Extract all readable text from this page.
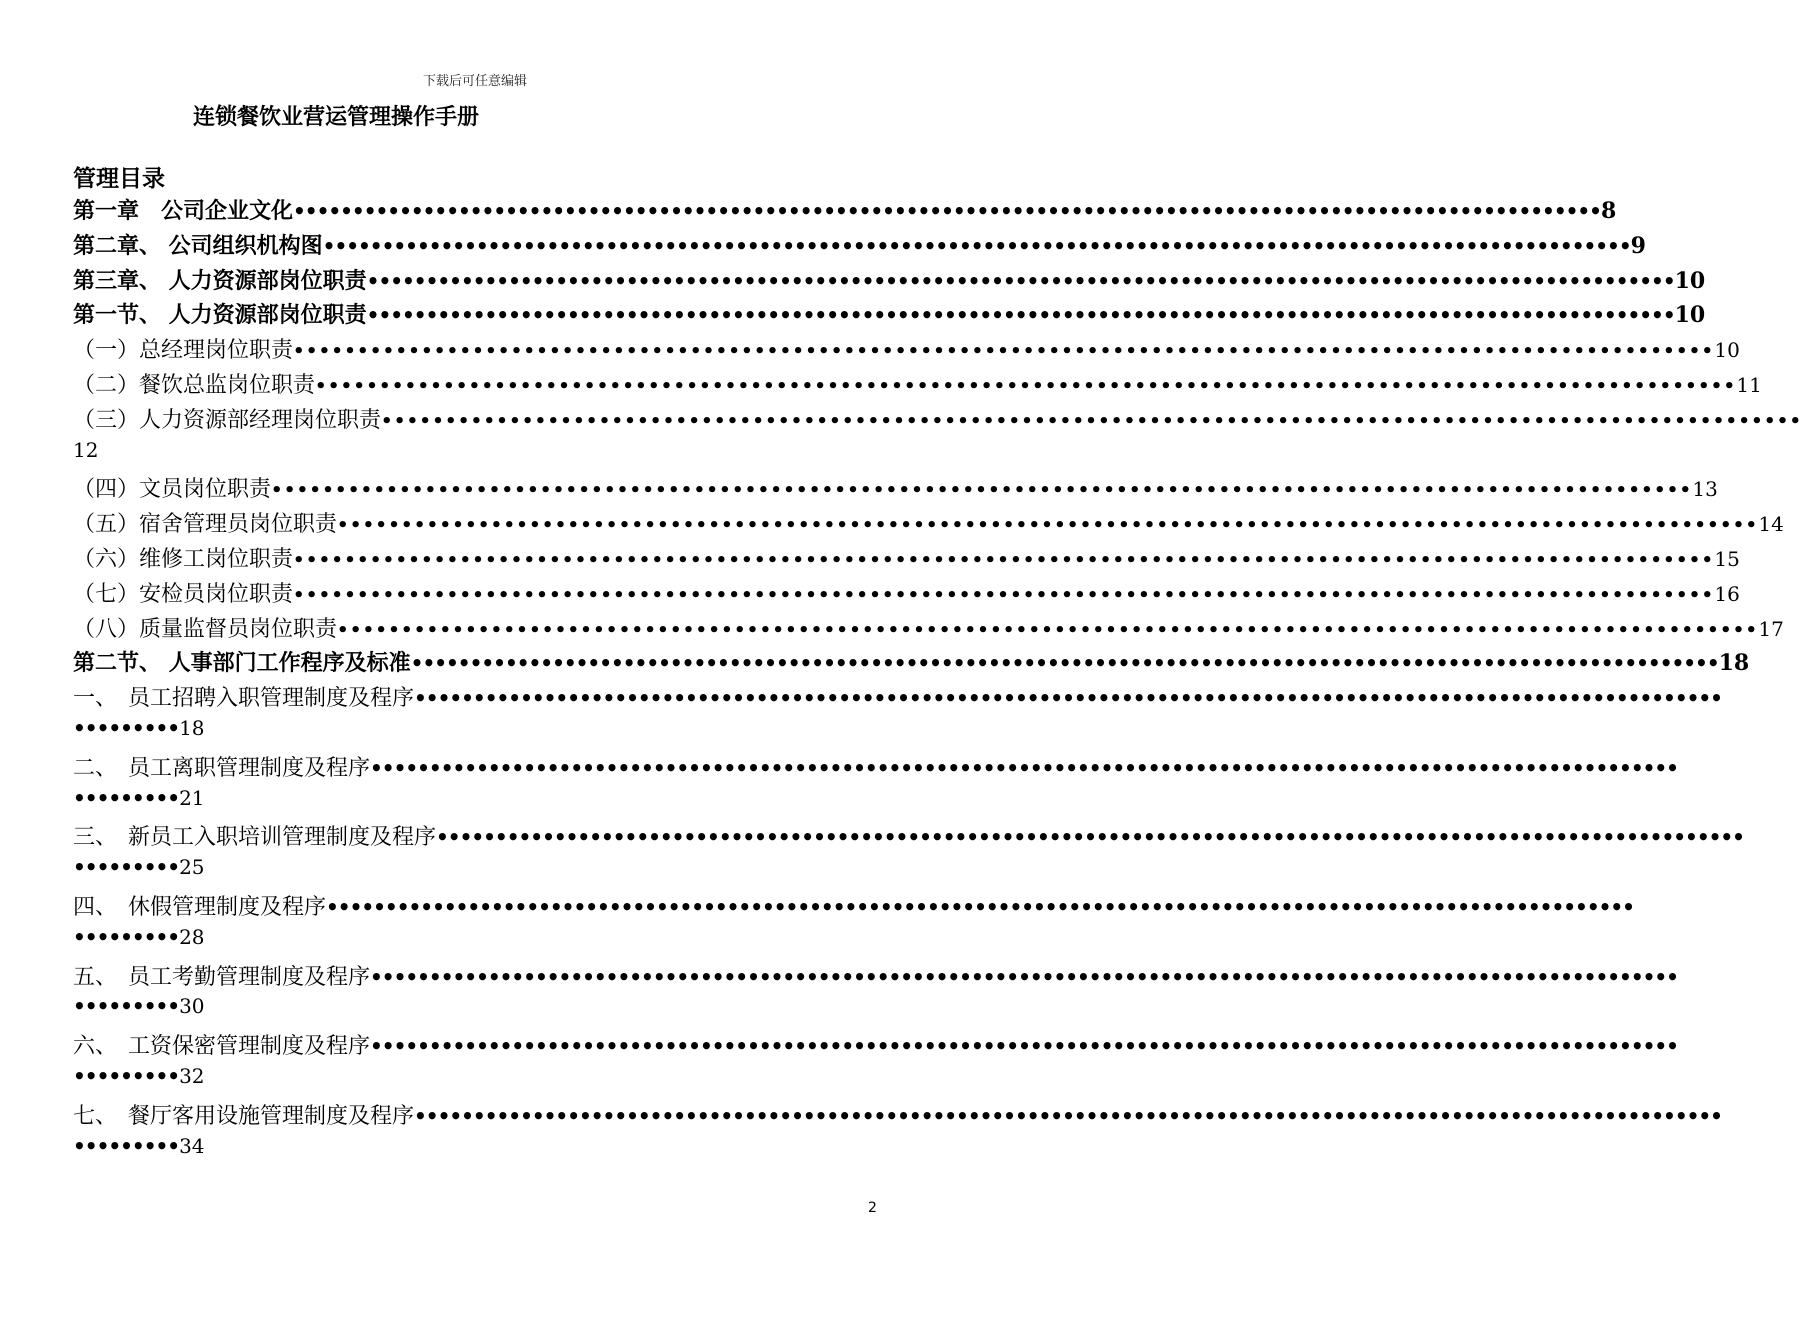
下载后可任意编辑
连锁餐饮业营运管理操作手册
管理目录
第一章　公司企业文化 ••••••••••••••••••••••••••••••••••••••••••••••••••••••••••••••••••••••••••••••••••••••••••••••••••••••••••••••• 8
第二章、 公司组织机构图 ••••••••••••••••••••••••••••••••••••••••••••••••••••••••••••••••••••••••••••••••••••••••••••••••••••••••••••••• 9
第三章、 人力资源部岗位职责 ••••••••••••••••••••••••••••••••••••••••••••••••••••••••••••••••••••••••••••••••••••••••••••••••••••••••••••••• 10
第一节、 人力资源部岗位职责 ••••••••••••••••••••••••••••••••••••••••••••••••••••••••••••••••••••••••••••••••••••••••••••••••••••••••••••••• 10
（一）总经理岗位职责 ••••••••••••••••••••••••••••••••••••••••••••••••••••••••••••••••••••••••••••••••••••••••••••••••••••••••••••••• 10
（二）餐饮总监岗位职责 ••••••••••••••••••••••••••••••••••••••••••••••••••••••••••••••••••••••••••••••••••••••••••••••••••••••••••••••• 11
（三）人力资源部经理岗位职责 •••••••••••••••••••••••••••••••••••••••••••••••••••••••••••••••••••••••••••••••••••••••••••••••••••••••••••••••
12
（四）文员岗位职责 ••••••••••••••••••••••••••••••••••••••••••••••••••••••••••••••••••••••••••••••••••••••••••••••••••••••••••••••• 13
（五）宿舍管理员岗位职责 ••••••••••••••••••••••••••••••••••••••••••••••••••••••••••••••••••••••••••••••••••••••••••••••••••••••••••••••• 14
（六）维修工岗位职责 ••••••••••••••••••••••••••••••••••••••••••••••••••••••••••••••••••••••••••••••••••••••••••••••••••••••••••••••• 15
（七）安检员岗位职责 ••••••••••••••••••••••••••••••••••••••••••••••••••••••••••••••••••••••••••••••••••••••••••••••••••••••••••••••• 16
（八）质量监督员岗位职责 ••••••••••••••••••••••••••••••••••••••••••••••••••••••••••••••••••••••••••••••••••••••••••••••••••••••••••••••• 17
第二节、 人事部门工作程序及标准 ••••••••••••••••••••••••••••••••••••••••••••••••••••••••••••••••••••••••••••••••••••••••••••••••••••••••••••••• 18
一、　员工招聘入职管理制度及程序 •••••••••••••••••••••••••••••••••••••••••••••••••••••••••••••••••••••••••••••••••••••••••••••••••••••••••••••••
••••••••• 18
二、　员工离职管理制度及程序 •••••••••••••••••••••••••••••••••••••••••••••••••••••••••••••••••••••••••••••••••••••••••••••••••••••••••••••••
••••••••• 21
三、　新员工入职培训管理制度及程序 •••••••••••••••••••••••••••••••••••••••••••••••••••••••••••••••••••••••••••••••••••••••••••••••••••••••••••••••
••••••••• 25
四、　休假管理制度及程序 •••••••••••••••••••••••••••••••••••••••••••••••••••••••••••••••••••••••••••••••••••••••••••••••••••••••••••••••
••••••••• 28
五、　员工考勤管理制度及程序 •••••••••••••••••••••••••••••••••••••••••••••••••••••••••••••••••••••••••••••••••••••••••••••••••••••••••••••••
••••••••• 30
六、　工资保密管理制度及程序 •••••••••••••••••••••••••••••••••••••••••••••••••••••••••••••••••••••••••••••••••••••••••••••••••••••••••••••••
••••••••• 32
七、　餐厅客用设施管理制度及程序 •••••••••••••••••••••••••••••••••••••••••••••••••••••••••••••••••••••••••••••••••••••••••••••••••••••••••••••••
••••••••• 34
2
